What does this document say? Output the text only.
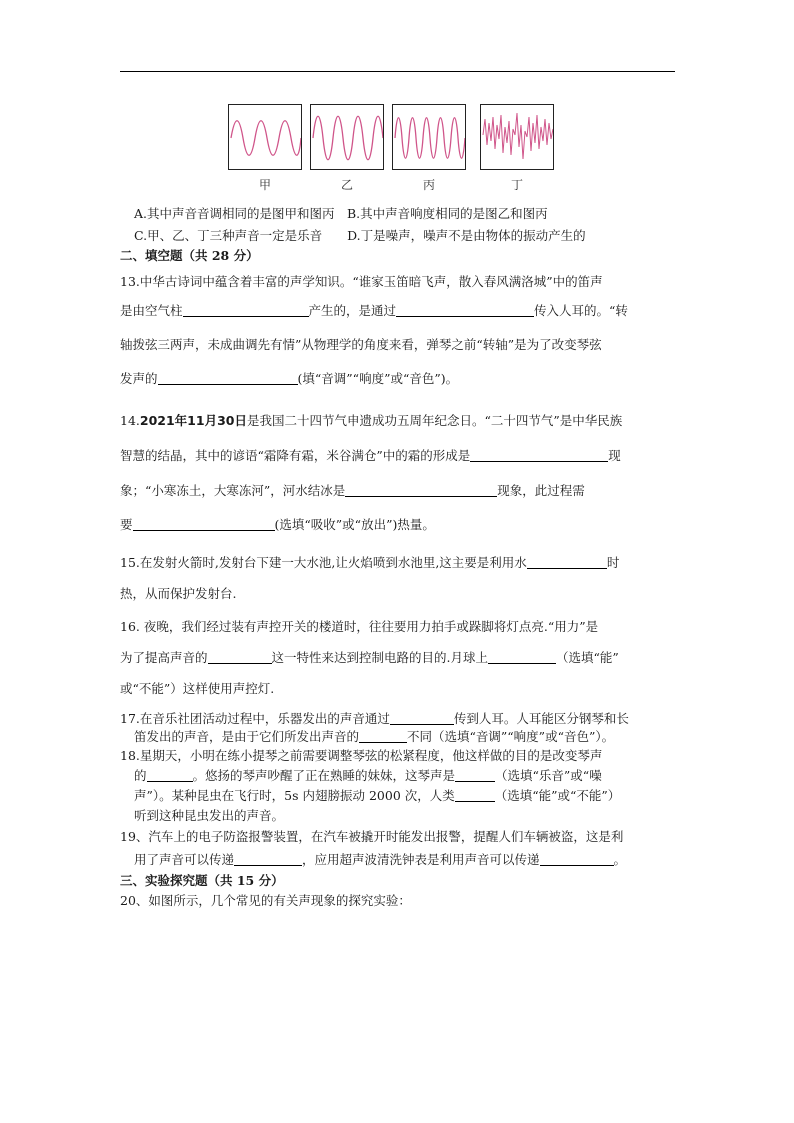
甲	乙	丙	丁
A.其中声音音调相同的是图甲和图丙　B.其中声音响度相同的是图乙和图丙
C.甲、乙、丁三种声音一定是乐音　　D.丁是噪声，噪声不是由物体的振动产生的
二、填空题（共 28 分）
13.中华古诗词中蕴含着丰富的声学知识。“谁家玉笛暗飞声，散入春风满洛城”中的笛声
是由空气柱	产生的，是通过	传入人耳的。“转
轴拨弦三两声，未成曲调先有情”从物理学的角度来看，弹琴之前“转轴”是为了改变琴弦
发声的	(填“音调”“响度”或“音色”)。
14.2021年11月30日是我国二十四节气申遗成功五周年纪念日。“二十四节气”是中华民族
智慧的结晶，其中的谚语“霜降有霜，米谷满仓”中的霜的形成是	现
象；“小寒冻土，大寒冻河”，河水结冰是	现象，此过程需
要	(选填“吸收”或“放出”)热量。
15.在发射火箭时,发射台下建一大水池,让火焰喷到水池里,这主要是利用水	时
热，从而保护发射台.
16. 夜晚，我们经过装有声控开关的楼道时，往往要用力拍手或跺脚将灯点亮.“用力”是
为了提高声音的	这一特性来达到控制电路的目的.月球上	（选填“能”
或“不能”）这样使用声控灯.
17.在音乐社团活动过程中，乐器发出的声音通过	传到人耳。人耳能区分钢琴和长
笛发出的声音，是由于它们所发出声音的	不同（选填“音调”“响度”或“音色”）。
18.星期天，小明在练小提琴之前需要调整琴弦的松紧程度，他这样做的目的是改变琴声
的	。悠扬的琴声吵醒了正在熟睡的妹妹，这琴声是	（选填“乐音”或“噪
声”）。某种昆虫在飞行时，5s 内翅膀振动 2000 次，人类	（选填“能”或“不能”）
听到这种昆虫发出的声音。
19、汽车上的电子防盗报警装置，在汽车被撬开时能发出报警，提醒人们车辆被盗，这是利
用了声音可以传递	，应用超声波清洗钟表是利用声音可以传递	。
三、实验探究题（共 15 分）
20、如图所示，几个常见的有关声现象的探究实验：
